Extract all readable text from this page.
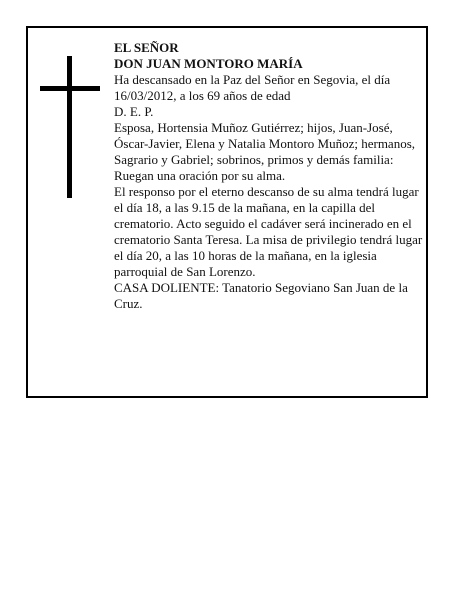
EL SEÑOR

DON JUAN MONTORO MARÍA

Ha descansado en la Paz del Señor en Segovia, el día 16/03/2012, a los 69 años de edad

D. E. P.

Esposa, Hortensia Muñoz Gutiérrez; hijos, Juan-José, Óscar-Javier, Elena y Natalia Montoro Muñoz; hermanos, Sagrario y Gabriel; sobrinos, primos y demás familia:

Ruegan una oración por su alma.

El responso por el eterno descanso de su alma tendrá lugar el día 18, a las 9.15 de la mañana, en la capilla del crematorio. Acto seguido el cadáver será incinerado en el crematorio Santa Teresa. La misa de privilegio tendrá lugar el día 20, a las 10 horas de la mañana, en la iglesia parroquial de San Lorenzo.

CASA DOLIENTE: Tanatorio Segoviano San Juan de la Cruz.
